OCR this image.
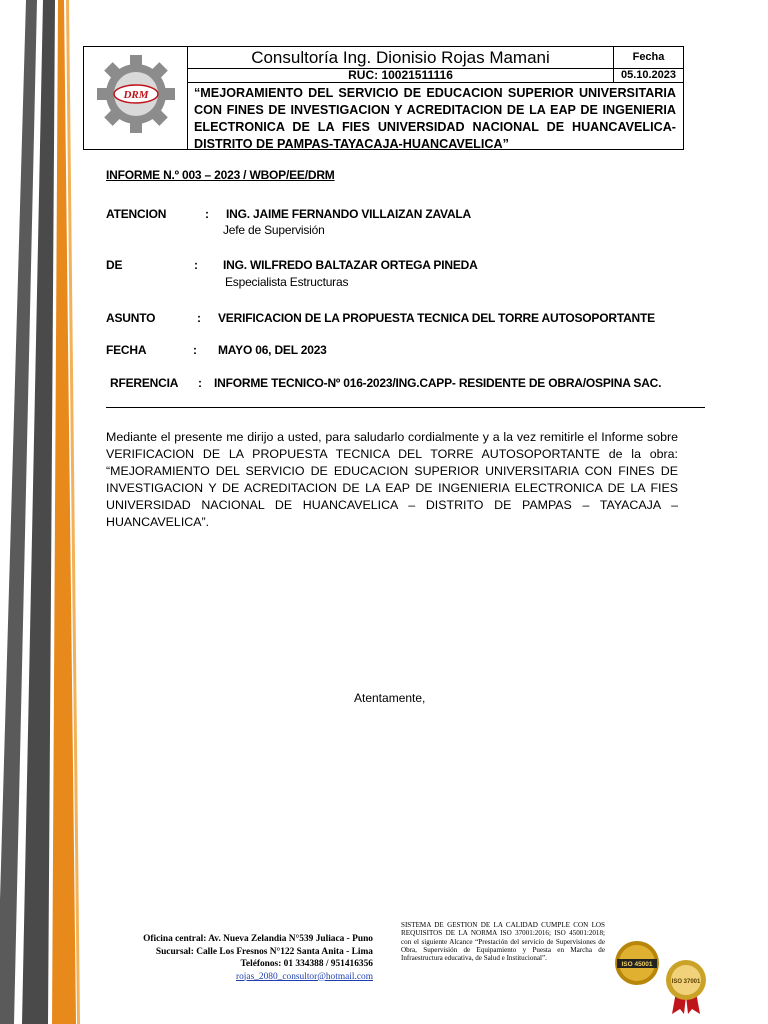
DRM
Consultoría Ing. Dionisio Rojas Mamani
RUC: 10021511116
Fecha
05.10.2023
“MEJORAMIENTO DEL SERVICIO DE EDUCACION SUPERIOR UNIVERSITARIA CON FINES DE INVESTIGACION Y ACREDITACION DE LA EAP DE INGENIERIA ELECTRONICA DE LA FIES UNIVERSIDAD NACIONAL DE HUANCAVELICA-DISTRITO DE PAMPAS-TAYACAJA-HUANCAVELICA”
INFORME N.º 003 – 2023 / WBOP/EE/DRM
ATENCION	: ING. JAIME FERNANDO VILLAIZAN ZAVALA
Jefe de Supervisión
DE	: ING. WILFREDO BALTAZAR ORTEGA PINEDA
Especialista Estructuras
ASUNTO	: VERIFICACION DE LA PROPUESTA TECNICA DEL TORRE AUTOSOPORTANTE
FECHA	: MAYO 06, DEL 2023
RFERENCIA : INFORME TECNICO-Nº 016-2023/ING.CAPP- RESIDENTE DE OBRA/OSPINA SAC.
Mediante el presente me dirijo a usted, para saludarlo cordialmente y a la vez remitirle el Informe sobre VERIFICACION DE LA PROPUESTA TECNICA DEL TORRE AUTOSOPORTANTE de la obra: “MEJORAMIENTO DEL SERVICIO DE EDUCACION SUPERIOR UNIVERSITARIA CON FINES DE INVESTIGACION Y DE ACREDITACION DE LA EAP DE INGENIERIA ELECTRONICA DE LA FIES UNIVERSIDAD NACIONAL DE HUANCAVELICA – DISTRITO DE PAMPAS – TAYACAJA – HUANCAVELICA”.
Atentamente,
Oficina central: Av. Nueva Zelandia N°539 Juliaca - Puno
Sucursal: Calle Los Fresnos N°122 Santa Anita - Lima
Teléfonos: 01 334388 / 951416356
rojas_2080_consultor@hotmail.com
SISTEMA DE GESTION DE LA CALIDAD CUMPLE CON LOS REQUISITOS DE LA NORMA ISO 37001:2016; ISO 45001:2018; con el siguiente Alcance “Prestación del servicio de Supervisiones de Obra, Supervisión de Equipamiento y Puesta en Marcha de Infraestructura educativa, de Salud e Institucional”.
ISO 45001
ISO 37001
